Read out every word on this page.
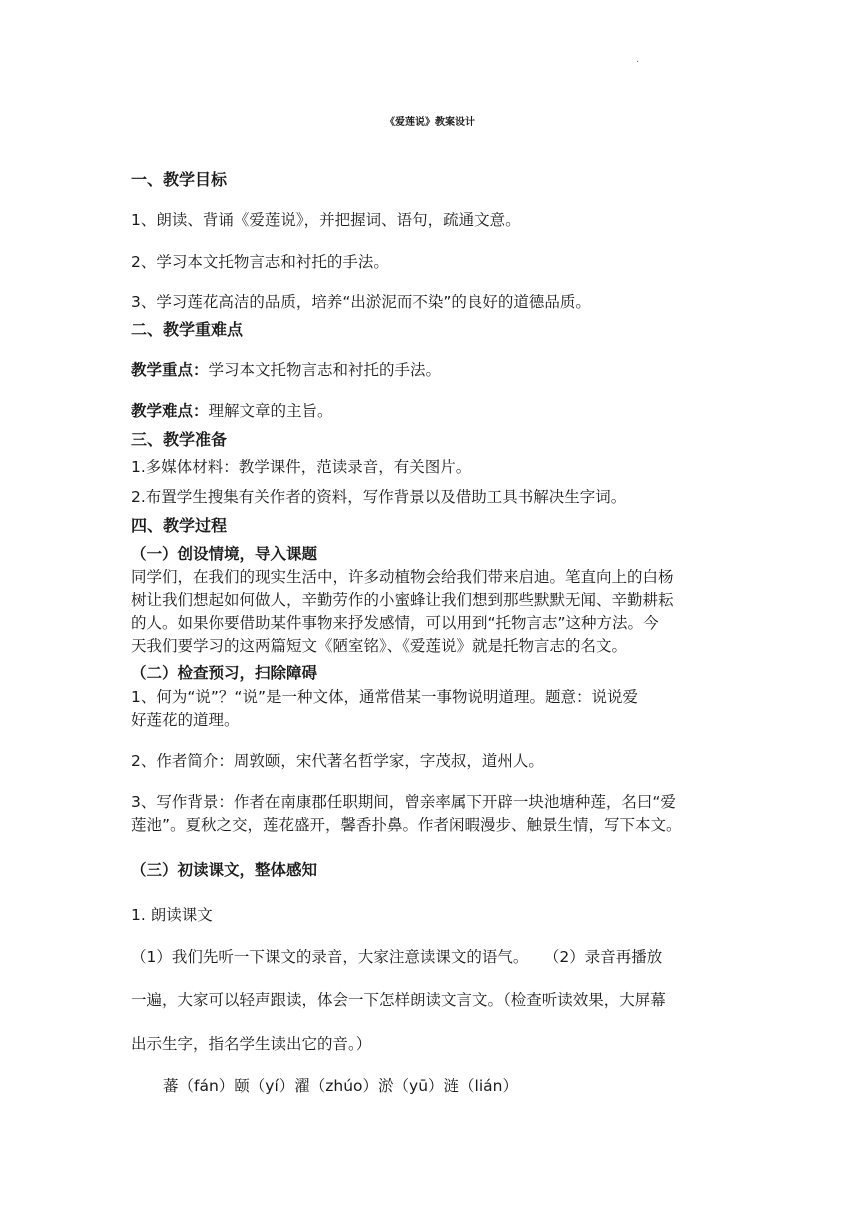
.
《爱莲说》教案设计
一、教学目标
1、朗读、背诵《爱莲说》，并把握词、语句，疏通文意。
2、学习本文托物言志和衬托的手法。
3、学习莲花高洁的品质，培养“出淤泥而不染”的良好的道德品质。
二、教学重难点
教学重点：学习本文托物言志和衬托的手法。
教学难点：理解文章的主旨。
三、教学准备
1.多媒体材料：教学课件，范读录音，有关图片。
2.布置学生搜集有关作者的资料，写作背景以及借助工具书解决生字词。
四、教学过程
（一）创设情境，导入课题
同学们，在我们的现实生活中，许多动植物会给我们带来启迪。笔直向上的白杨
树让我们想起如何做人，辛勤劳作的小蜜蜂让我们想到那些默默无闻、辛勤耕耘
的人。如果你要借助某件事物来抒发感情，可以用到“托物言志”这种方法。今
天我们要学习的这两篇短文《陋室铭》、《爱莲说》就是托物言志的名文。
（二）检查预习，扫除障碍
1、何为“说”？“说”是一种文体，通常借某一事物说明道理。题意：说说爱
好莲花的道理。
2、作者简介：周敦颐，宋代著名哲学家，字茂叔，道州人。
3、写作背景：作者在南康郡任职期间，曾亲率属下开辟一块池塘种莲，名曰“爱
莲池”。夏秋之交，莲花盛开，馨香扑鼻。作者闲暇漫步、触景生情，写下本文。
（三）初读课文，整体感知
1. 朗读课文
（1）我们先听一下课文的录音，大家注意读课文的语气。　　（2）录音再播放
一遍，大家可以轻声跟读，体会一下怎样朗读文言文。（检查听读效果，大屏幕
出示生字，指名学生读出它的音。）
蕃（fán）颐（yí）濯（zhúo）淤（yū）涟（lián）
